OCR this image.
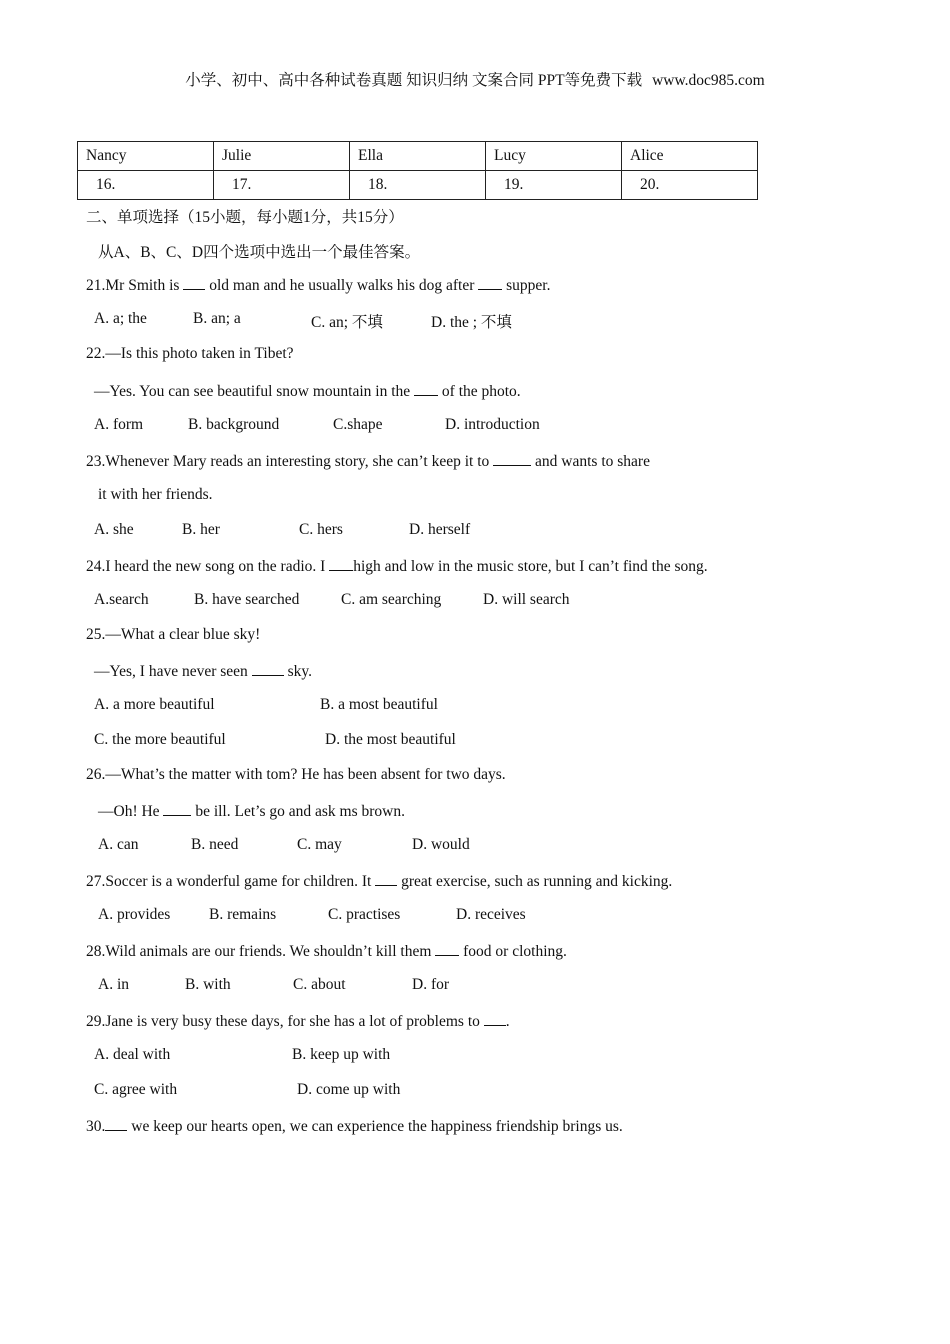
小学、初中、高中各种试卷真题 知识归纳 文案合同 PPT等免费下载 www.doc985.com
Nancy	Julie	Ella	Lucy	Alice
16.	17.	18.	19.	20.
二、单项选择（15小题，每小题1分，共15分）
从A、B、C、D四个选项中选出一个最佳答案。
21.Mr Smith is  old man and he usually walks his dog after  supper.
A. a; the	B. an; a	C. an; 不填	D. the ; 不填
22.—Is this photo taken in Tibet?
—Yes. You can see beautiful snow mountain in the  of the photo.
A. form	B. background	C.shape	D. introduction
23.Whenever Mary reads an interesting story, she can’t keep it to  and wants to share
it with her friends.
A. she	B. her	C. hers	D. herself
24.I heard the new song on the radio. I high and low in the music store, but I can’t find the song.
A.search	B. have searched	C. am searching	D. will search
25.—What a clear blue sky!
—Yes, I have never seen  sky.
A. a more beautiful	B. a most beautiful
C. the more beautiful	D. the most beautiful
26.—What’s the matter with tom? He has been absent for two days.
—Oh! He  be ill. Let’s go and ask ms brown.
A. can	B. need	C. may	D. would
27.Soccer is a wonderful game for children. It  great exercise, such as running and kicking.
A. provides B. remains	C. practises	D. receives
28.Wild animals are our friends. We shouldn’t kill them  food or clothing.
A. in	B. with	C. about	D. for
29.Jane is very busy these days, for she has a lot of problems to .
A. deal with	B. keep up with
C. agree with	D. come up with
30. we keep our hearts open, we can experience the happiness friendship brings us.
